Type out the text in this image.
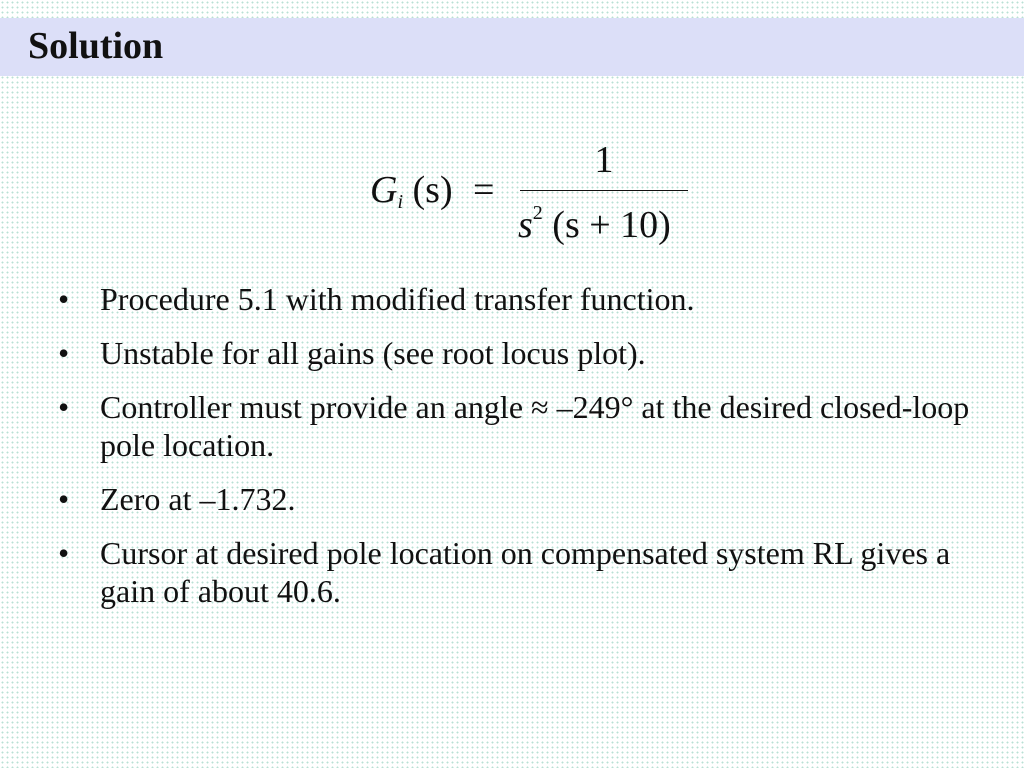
Solution
$G_i$ (s) =
1
$s^2$ (s + 10)
• Procedure 5.1 with modified transfer function.
• Unstable for all gains (see root locus plot).
• Controller must provide an angle ≈ –249° at the desired closed-loop pole location.
• Zero at –1.732.
• Cursor at desired pole location on compensated system RL gives a gain of about 40.6.
